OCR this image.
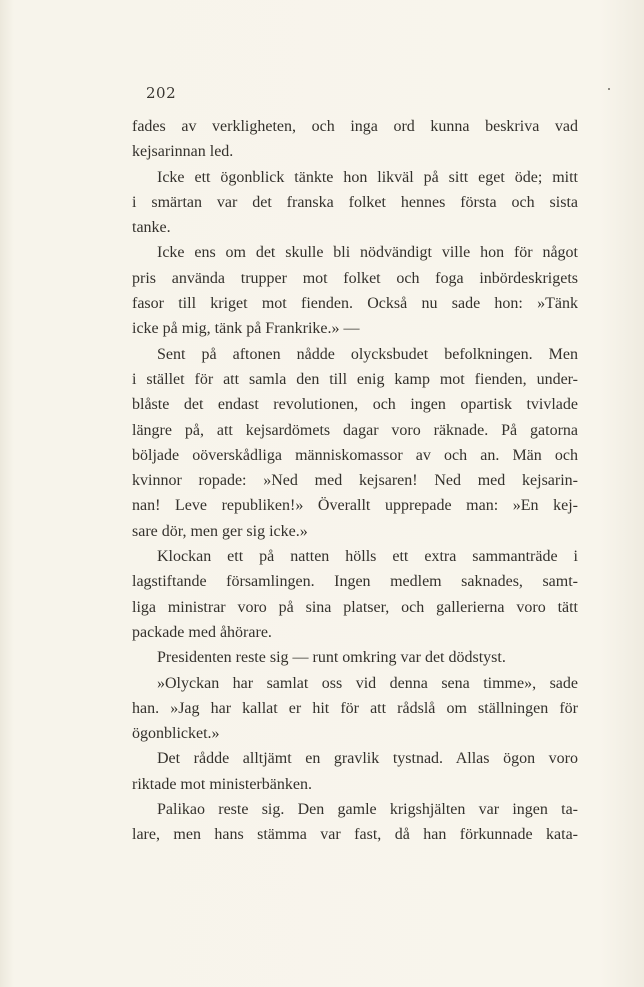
202
fades av verkligheten, och inga ord kunna beskriva vad
kejsarinnan led.
Icke ett ögonblick tänkte hon likväl på sitt eget öde; mitt
i smärtan var det franska folket hennes första och sista
tanke.
Icke ens om det skulle bli nödvändigt ville hon för något
pris använda trupper mot folket och foga inbördeskrigets
fasor till kriget mot fienden. Också nu sade hon: »Tänk
icke på mig, tänk på Frankrike.» —
Sent på aftonen nådde olycksbudet befolkningen. Men
i stället för att samla den till enig kamp mot fienden, under-
blåste det endast revolutionen, och ingen opartisk tvivlade
längre på, att kejsardömets dagar voro räknade. På gatorna
böljade oöverskådliga människomassor av och an. Män och
kvinnor ropade: »Ned med kejsaren! Ned med kejsarin-
nan! Leve republiken!» Överallt upprepade man: »En kej-
sare dör, men ger sig icke.»
Klockan ett på natten hölls ett extra sammanträde i
lagstiftande församlingen. Ingen medlem saknades, samt-
liga ministrar voro på sina platser, och gallerierna voro tätt
packade med åhörare.
Presidenten reste sig — runt omkring var det dödstyst.
»Olyckan har samlat oss vid denna sena timme», sade
han. »Jag har kallat er hit för att rådslå om ställningen för
ögonblicket.»
Det rådde alltjämt en gravlik tystnad. Allas ögon voro
riktade mot ministerbänken.
Palikao reste sig. Den gamle krigshjälten var ingen ta-
lare, men hans stämma var fast, då han förkunnade kata-
